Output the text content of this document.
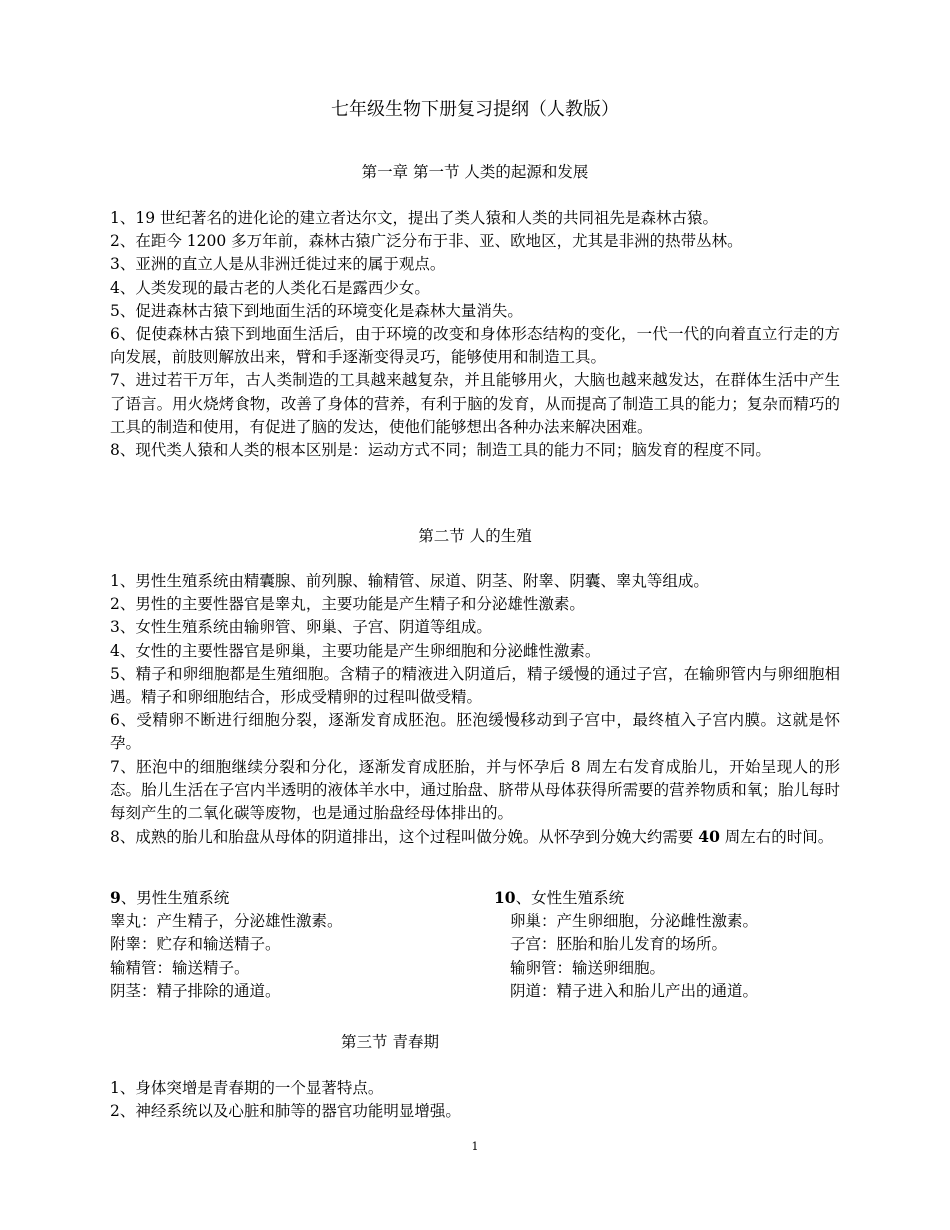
七年级生物下册复习提纲（人教版）
第一章 第一节 人类的起源和发展

1、19 世纪著名的进化论的建立者达尔文，提出了类人猿和人类的共同祖先是森林古猿。

2、在距今 1200 多万年前，森林古猿广泛分布于非、亚、欧地区，尤其是非洲的热带丛林。

3、亚洲的直立人是从非洲迁徙过来的属于观点。

4、人类发现的最古老的人类化石是露西少女。

5、促进森林古猿下到地面生活的环境变化是森林大量消失。

6、促使森林古猿下到地面生活后，由于环境的改变和身体形态结构的变化，一代一代的向着直立行走的方向发展，前肢则解放出来，臂和手逐渐变得灵巧，能够使用和制造工具。

7、进过若干万年，古人类制造的工具越来越复杂，并且能够用火，大脑也越来越发达，在群体生活中产生了语言。用火烧烤食物，改善了身体的营养，有利于脑的发育，从而提高了制造工具的能力；复杂而精巧的工具的制造和使用，有促进了脑的发达，使他们能够想出各种办法来解决困难。

8、现代类人猿和人类的根本区别是：运动方式不同；制造工具的能力不同；脑发育的程度不同。

第二节 人的生殖

1、男性生殖系统由精囊腺、前列腺、输精管、尿道、阴茎、附睾、阴囊、睾丸等组成。

2、男性的主要性器官是睾丸，主要功能是产生精子和分泌雄性激素。

3、女性生殖系统由输卵管、卵巢、子宫、阴道等组成。

4、女性的主要性器官是卵巢，主要功能是产生卵细胞和分泌雌性激素。

5、精子和卵细胞都是生殖细胞。含精子的精液进入阴道后，精子缓慢的通过子宫，在输卵管内与卵细胞相遇。精子和卵细胞结合，形成受精卵的过程叫做受精。

6、受精卵不断进行细胞分裂，逐渐发育成胚泡。胚泡缓慢移动到子宫中，最终植入子宫内膜。这就是怀孕。

7、胚泡中的细胞继续分裂和分化，逐渐发育成胚胎，并与怀孕后 8 周左右发育成胎儿，开始呈现人的形态。胎儿生活在子宫内半透明的液体羊水中，通过胎盘、脐带从母体获得所需要的营养物质和氧；胎儿每时每刻产生的二氧化碳等废物，也是通过胎盘经母体排出的。

8、成熟的胎儿和胎盘从母体的阴道排出，这个过程叫做分娩。从怀孕到分娩大约需要 40 周左右的时间。

9、男性生殖系统

睾丸：产生精子，分泌雄性激素。

附睾：贮存和输送精子。

输精管：输送精子。

阴茎：精子排除的通道。

10、女性生殖系统

卵巢：产生卵细胞，分泌雌性激素。

子宫：胚胎和胎儿发育的场所。

输卵管：输送卵细胞。

阴道：精子进入和胎儿产出的通道。

第三节 青春期

1、身体突增是青春期的一个显著特点。

2、神经系统以及心脏和肺等的器官功能明显增强。

1
